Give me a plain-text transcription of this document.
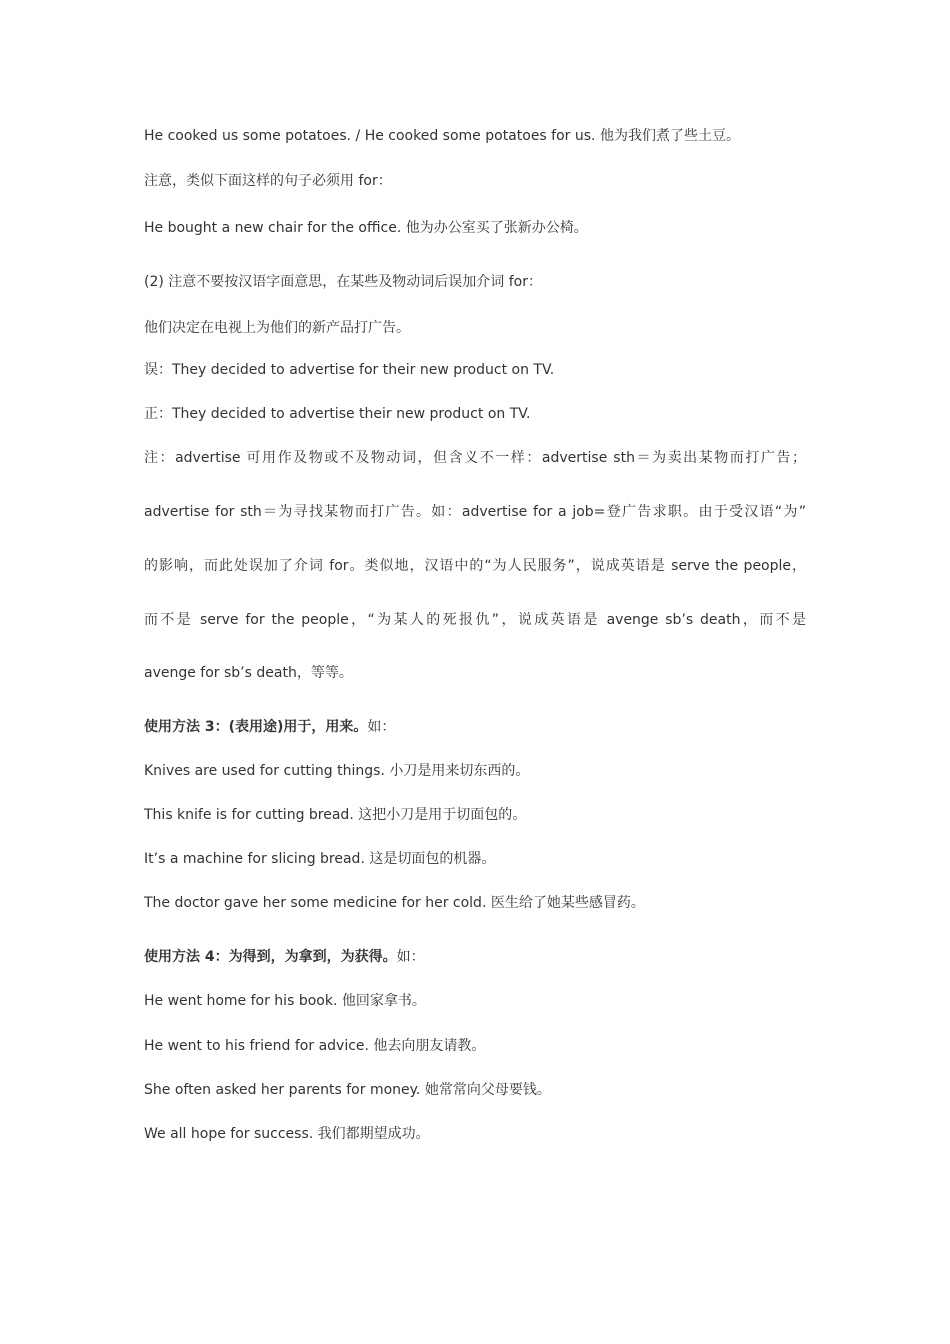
He cooked us some potatoes. / He cooked some potatoes for us. 他为我们煮了些土豆。
注意，类似下面这样的句子必须用 for：
He bought a new chair for the office. 他为办公室买了张新办公椅。
(2) 注意不要按汉语字面意思，在某些及物动词后误加介词 for：
他们决定在电视上为他们的新产品打广告。
误：They decided to advertise for their new product on TV.
正：They decided to advertise their new product on TV.
注：advertise 可用作及物或不及物动词，但含义不一样：advertise sth＝为卖出某物而打广告；
advertise for sth＝为寻找某物而打广告。如：advertise for a job=登广告求职。由于受汉语“为”
的影响，而此处误加了介词 for。类似地，汉语中的“为人民服务”，说成英语是 serve the people，
而不是 serve for the people，“为某人的死报仇”，说成英语是 avenge sb’s death，而不是
avenge for sb’s death，等等。
使用方法 3：(表用途)用于，用来。如：
Knives are used for cutting things. 小刀是用来切东西的。
This knife is for cutting bread. 这把小刀是用于切面包的。
It’s a machine for slicing bread. 这是切面包的机器。
The doctor gave her some medicine for her cold. 医生给了她某些感冒药。
使用方法 4：为得到，为拿到，为获得。如：
He went home for his book. 他回家拿书。
He went to his friend for advice. 他去向朋友请教。
She often asked her parents for money. 她常常向父母要钱。
We all hope for success. 我们都期望成功。
